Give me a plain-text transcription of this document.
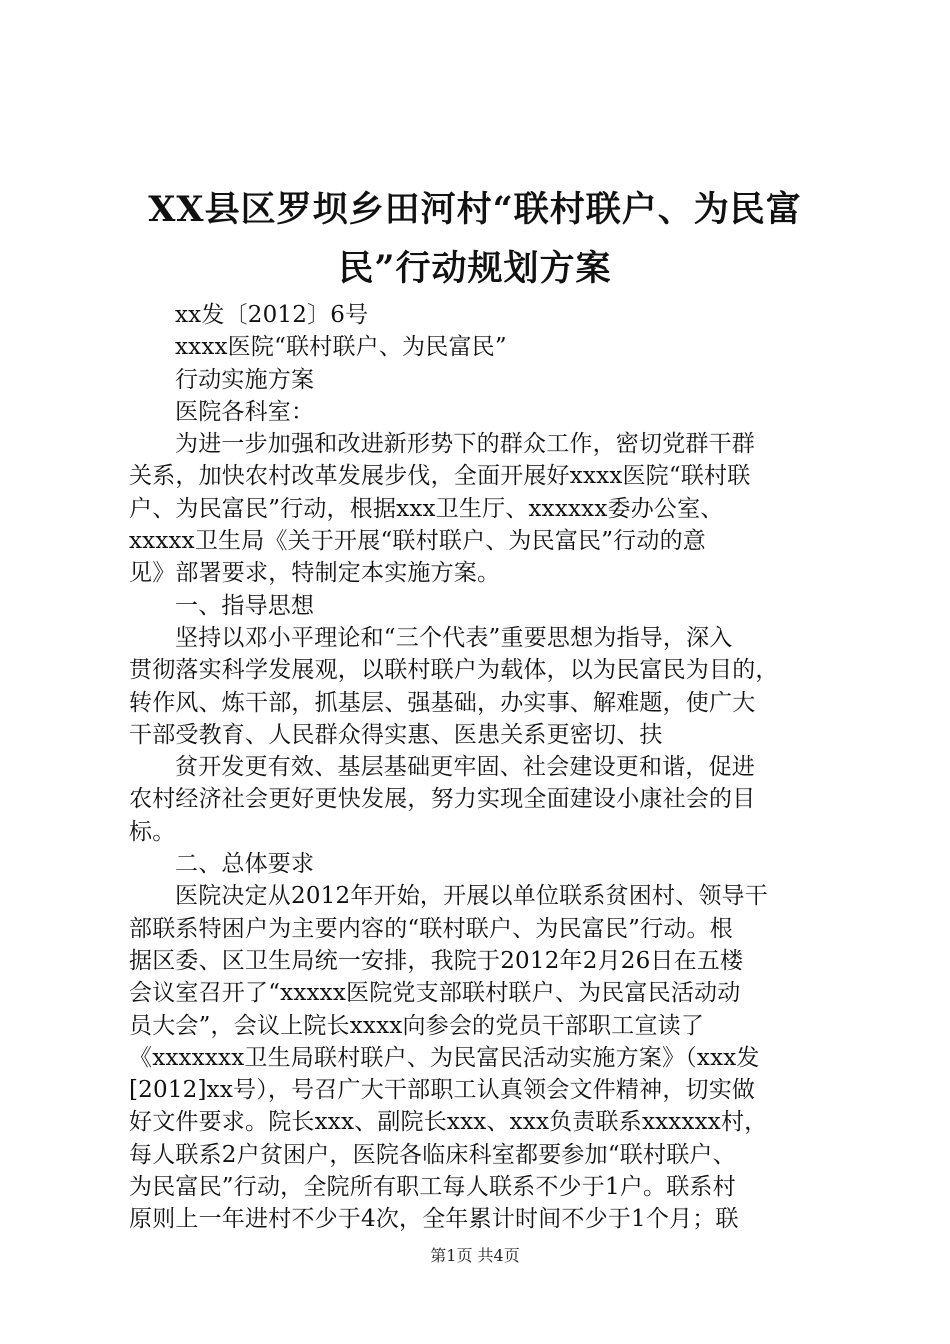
XX县区罗坝乡田河村“联村联户、为民富
民”行动规划方案
xx发〔2012〕6号
xxxx医院“联村联户、为民富民”
行动实施方案
医院各科室：
为进一步加强和改进新形势下的群众工作，密切党群干群
关系，加快农村改革发展步伐，全面开展好xxxx医院“联村联
户、为民富民”行动，根据xxx卫生厅、xxxxxx委办公室、
xxxxx卫生局《关于开展“联村联户、为民富民”行动的意
见》部署要求，特制定本实施方案。
一、指导思想
坚持以邓小平理论和“三个代表”重要思想为指导，深入
贯彻落实科学发展观，以联村联户为载体，以为民富民为目的，
转作风、炼干部，抓基层、强基础，办实事、解难题，使广大
干部受教育、人民群众得实惠、医患关系更密切、扶
贫开发更有效、基层基础更牢固、社会建设更和谐，促进
农村经济社会更好更快发展，努力实现全面建设小康社会的目
标。
二、总体要求
医院决定从2012年开始，开展以单位联系贫困村、领导干
部联系特困户为主要内容的“联村联户、为民富民”行动。根
据区委、区卫生局统一安排，我院于2012年2月26日在五楼
会议室召开了“xxxxx医院党支部联村联户、为民富民活动动
员大会”，会议上院长xxxx向参会的党员干部职工宣读了
《xxxxxxx卫生局联村联户、为民富民活动实施方案》（xxx发
[2012]xx号），号召广大干部职工认真领会文件精神，切实做
好文件要求。院长xxx、副院长xxx、xxx负责联系xxxxxx村，
每人联系2户贫困户，医院各临床科室都要参加“联村联户、
为民富民”行动，全院所有职工每人联系不少于1户。联系村
原则上一年进村不少于4次，全年累计时间不少于1个月；联
第1页 共4页
